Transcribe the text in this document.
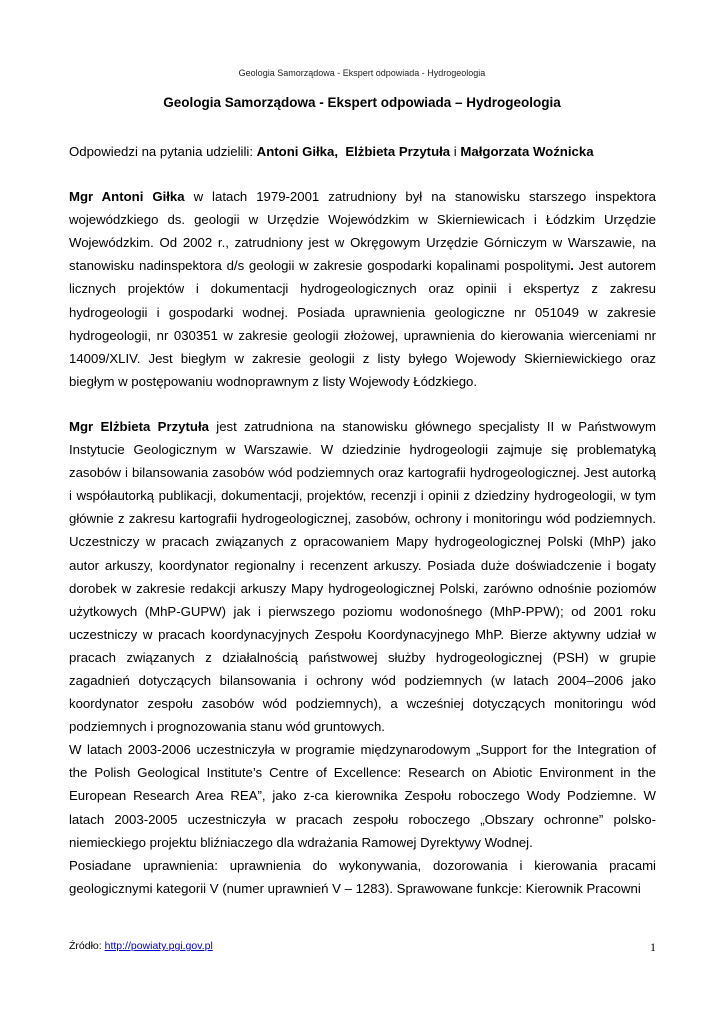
Geologia Samorządowa - Ekspert odpowiada - Hydrogeologia
Geologia Samorządowa - Ekspert odpowiada – Hydrogeologia

Odpowiedzi na pytania udzielili: Antoni Giłka, Elżbieta Przytuła i Małgorzata Woźnicka

Mgr Antoni Giłka w latach 1979-2001 zatrudniony był na stanowisku starszego inspektora wojewódzkiego ds. geologii w Urzędzie Wojewódzkim w Skierniewicach i Łódzkim Urzędzie Wojewódzkim. Od 2002 r., zatrudniony jest w Okręgowym Urzędzie Górniczym w Warszawie, na stanowisku nadinspektora d/s geologii w zakresie gospodarki kopalinami pospolitymi. Jest autorem licznych projektów i dokumentacji hydrogeologicznych oraz opinii i ekspertyz z zakresu hydrogeologii i gospodarki wodnej. Posiada uprawnienia geologiczne nr 051049 w zakresie hydrogeologii, nr 030351 w zakresie geologii złożowej, uprawnienia do kierowania wierceniami nr 14009/XLIV. Jest biegłym w zakresie geologii z listy byłego Wojewody Skierniewickiego oraz biegłym w postępowaniu wodnoprawnym z listy Wojewody Łódzkiego.

Mgr Elżbieta Przytuła jest zatrudniona na stanowisku głównego specjalisty II w Państwowym Instytucie Geologicznym w Warszawie. W dziedzinie hydrogeologii zajmuje się problematyką zasobów i bilansowania zasobów wód podziemnych oraz kartografii hydrogeologicznej. Jest autorką i współautorką publikacji, dokumentacji, projektów, recenzji i opinii z dziedziny hydrogeologii, w tym głównie z zakresu kartografii hydrogeologicznej, zasobów, ochrony i monitoringu wód podziemnych. Uczestniczy w pracach związanych z opracowaniem Mapy hydrogeologicznej Polski (MhP) jako autor arkuszy, koordynator regionalny i recenzent arkuszy. Posiada duże doświadczenie i bogaty dorobek w zakresie redakcji arkuszy Mapy hydrogeologicznej Polski, zarówno odnośnie poziomów użytkowych (MhP-GUPW) jak i pierwszego poziomu wodonośnego (MhP-PPW); od 2001 roku uczestniczy w pracach koordynacyjnych Zespołu Koordynacyjnego MhP. Bierze aktywny udział w pracach związanych z działalnością państwowej służby hydrogeologicznej (PSH) w grupie zagadnień dotyczących bilansowania i ochrony wód podziemnych (w latach 2004–2006 jako koordynator zespołu zasobów wód podziemnych), a wcześniej dotyczących monitoringu wód podziemnych i prognozowania stanu wód gruntowych.

W latach 2003-2006 uczestniczyła w programie międzynarodowym „Support for the Integration of the Polish Geological Institute’s Centre of Excellence: Research on Abiotic Environment in the European Research Area REA”, jako z-ca kierownika Zespołu roboczego Wody Podziemne. W latach 2003-2005 uczestniczyła w pracach zespołu roboczego „Obszary ochronne” polsko-niemieckiego projektu bliźniaczego dla wdrażania Ramowej Dyrektywy Wodnej.

Posiadane uprawnienia: uprawnienia do wykonywania, dozorowania i kierowania pracami geologicznymi kategorii V (numer uprawnień V – 1283). Sprawowane funkcje: Kierownik Pracowni

Źródło: http://powiaty.pgi.gov.pl	1
